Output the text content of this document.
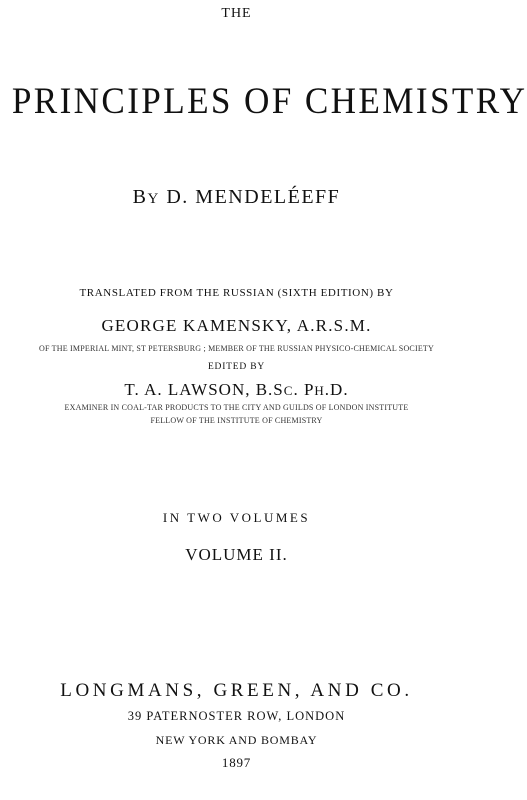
THE
PRINCIPLES OF CHEMISTRY
BY D. MENDELÉEFF
TRANSLATED FROM THE RUSSIAN (SIXTH EDITION) BY
GEORGE KAMENSKY, A.R.S.M.
OF THE IMPERIAL MINT, ST PETERSBURG ; MEMBER OF THE RUSSIAN PHYSICO-CHEMICAL SOCIETY
EDITED BY
T. A. LAWSON, B.SC. PH.D.
EXAMINER IN COAL-TAR PRODUCTS TO THE CITY AND GUILDS OF LONDON INSTITUTE
FELLOW OF THE INSTITUTE OF CHEMISTRY
IN TWO VOLUMES
VOLUME II.
LONGMANS, GREEN, AND CO.
39 PATERNOSTER ROW, LONDON
NEW YORK AND BOMBAY
1897
